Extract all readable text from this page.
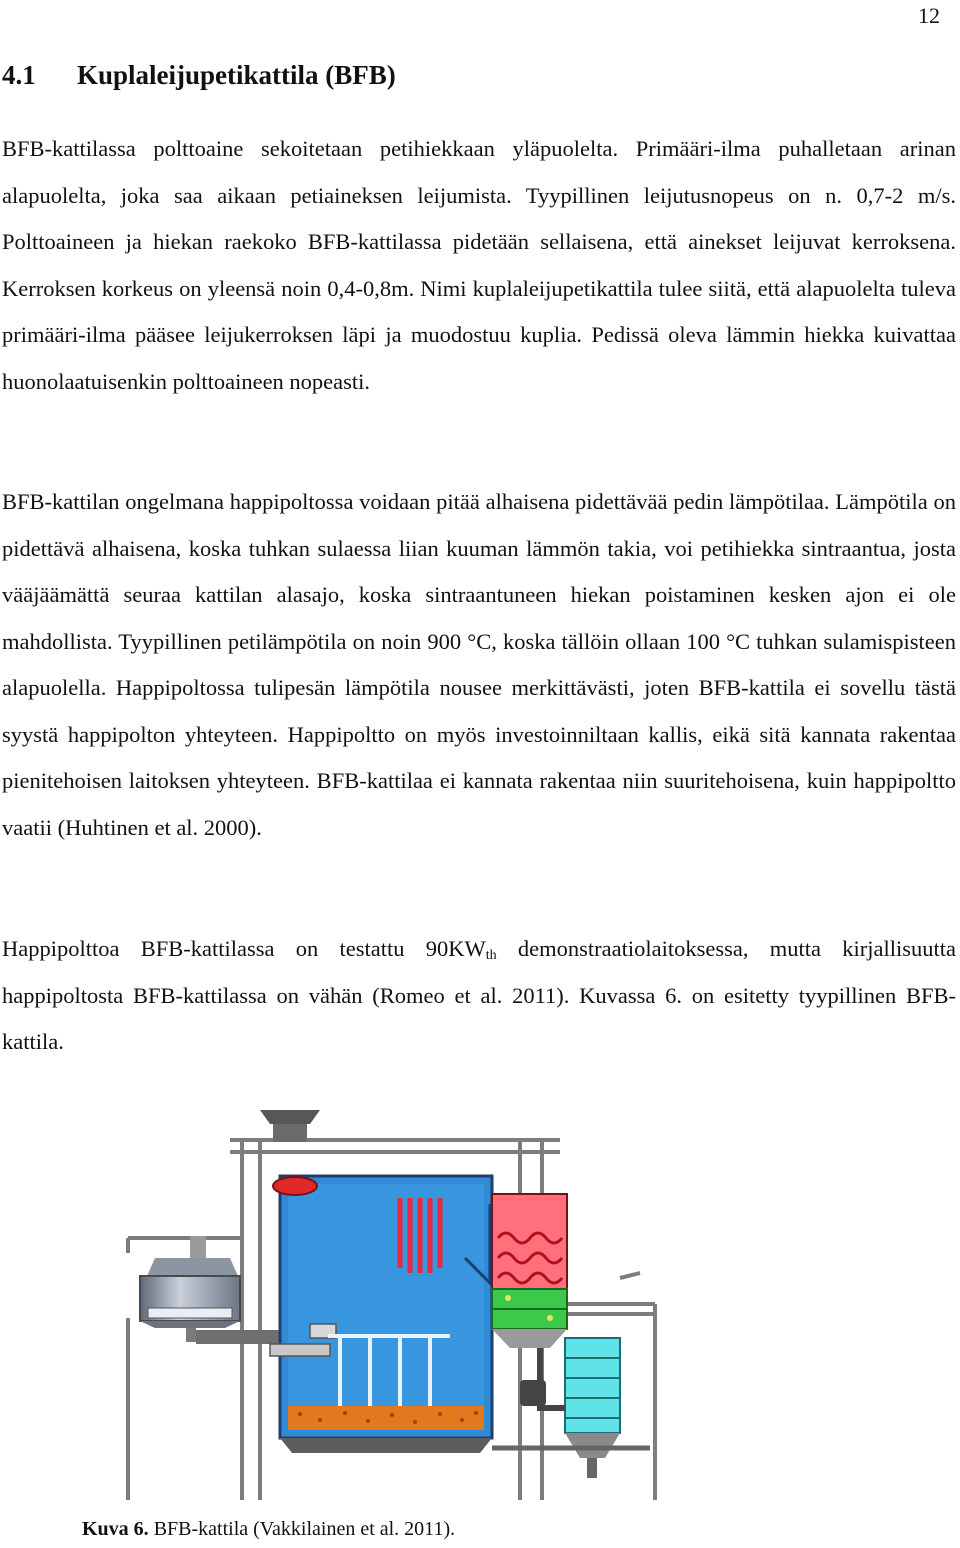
12
4.1 Kuplaleijupetikattila (BFB)

BFB-kattilassa polttoaine sekoitetaan petihiekkaan yläpuolelta. Primääri-ilma puhalletaan arinan alapuolelta, joka saa aikaan petiaineksen leijumista. Tyypillinen leijutusnopeus on n. 0,7-2 m/s. Polttoaineen ja hiekan raekoko BFB-kattilassa pidetään sellaisena, että ainekset leijuvat kerroksena. Kerroksen korkeus on yleensä noin 0,4-0,8m. Nimi kuplaleijupetikattila tulee siitä, että alapuolelta tuleva primääri-ilma pääsee leijukerroksen läpi ja muodostuu kuplia. Pedissä oleva lämmin hiekka kuivattaa huonolaatuisenkin polttoaineen nopeasti.

BFB-kattilan ongelmana happipoltossa voidaan pitää alhaisena pidettävää pedin lämpötilaa. Lämpötila on pidettävä alhaisena, koska tuhkan sulaessa liian kuuman lämmön takia, voi petihiekka sintraantua, josta vääjäämättä seuraa kattilan alasajo, koska sintraantuneen hiekan poistaminen kesken ajon ei ole mahdollista. Tyypillinen petilämpötila on noin 900 °C, koska tällöin ollaan 100 °C tuhkan sulamispisteen alapuolella. Happipoltossa tulipesän lämpötila nousee merkittävästi, joten BFB-kattila ei sovellu tästä syystä happipolton yhteyteen. Happipoltto on myös investoinniltaan kallis, eikä sitä kannata rakentaa pienitehoisen laitoksen yhteyteen. BFB-kattilaa ei kannata rakentaa niin suuritehoisena, kuin happipoltto vaatii (Huhtinen et al. 2000).

Happipolttoa BFB-kattilassa on testattu $90KW_{th}$ demonstraatiolaitoksessa, mutta kirjallisuutta happipoltosta BFB-kattilassa on vähän (Romeo et al. 2011). Kuvassa 6. on esitetty tyypillinen BFB-kattila.

Kuva 6. BFB-kattila (Vakkilainen et al. 2011).
